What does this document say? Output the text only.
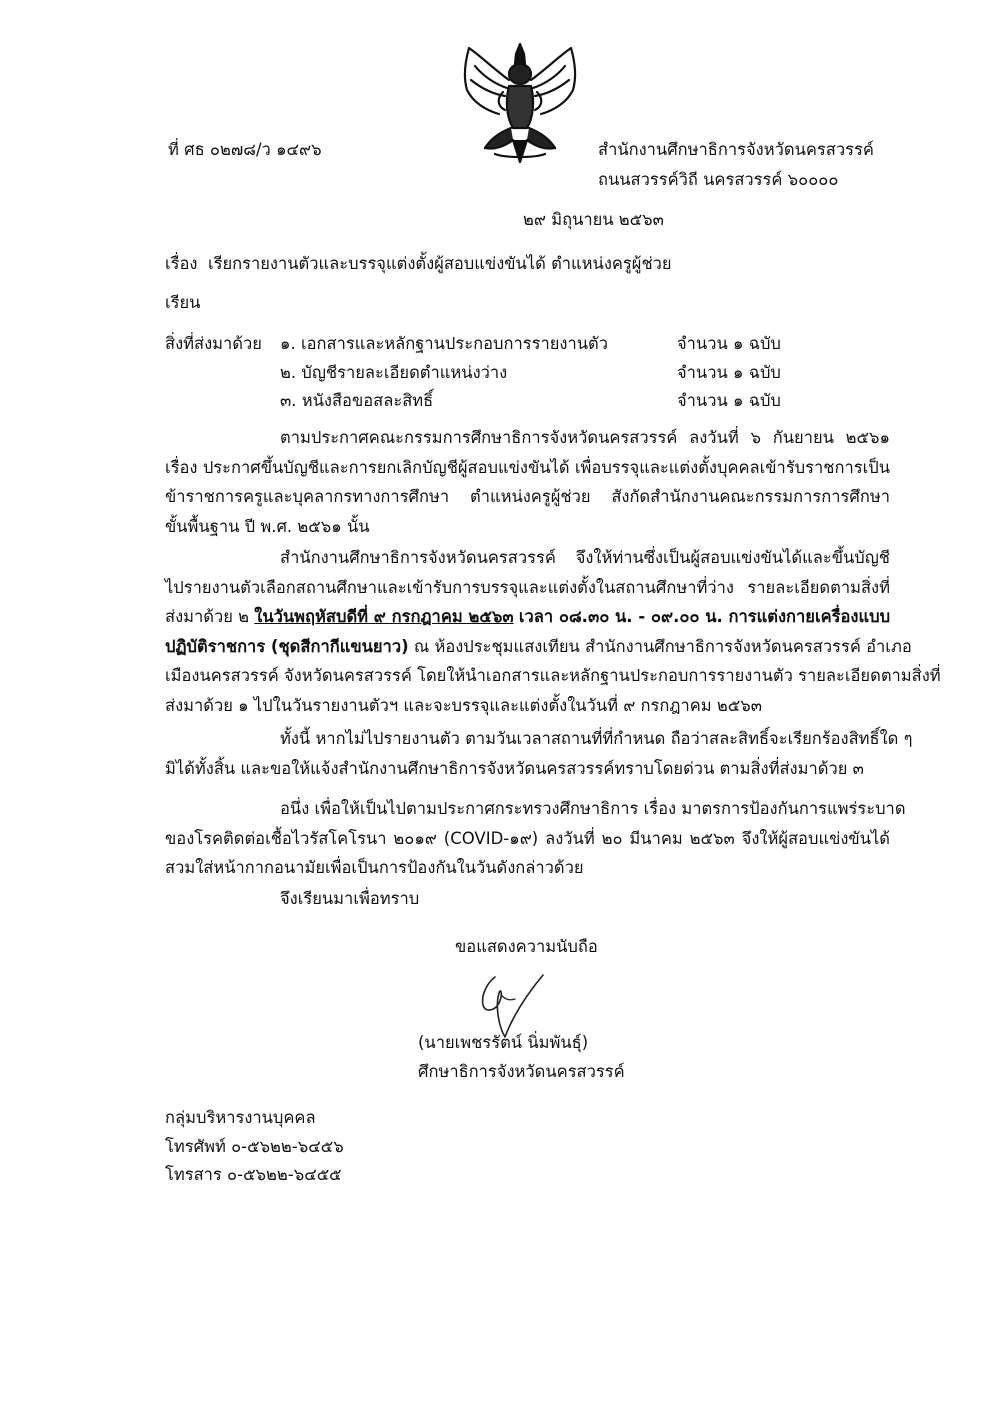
ที่ ศธ ๐๒๗๘/ว ๑๔๙๖	สำนักงานศึกษาธิการจังหวัดนครสวรรค์
ถนนสวรรค์วิถี นครสวรรค์ ๖๐๐๐๐
๒๙ มิถุนายน ๒๕๖๓
เรื่อง เรียกรายงานตัวและบรรจุแต่งตั้งผู้สอบแข่งขันได้ ตำแหน่งครูผู้ช่วย
เรียน
สิ่งที่ส่งมาด้วย ๑. เอกสารและหลักฐานประกอบการรายงานตัว	จำนวน ๑ ฉบับ
๒. บัญชีรายละเอียดตำแหน่งว่าง	จำนวน ๑ ฉบับ
๓. หนังสือขอสละสิทธิ์	จำนวน ๑ ฉบับ
ตามประกาศคณะกรรมการศึกษาธิการจังหวัดนครสวรรค์ ลงวันที่ ๖ กันยายน ๒๕๖๑
เรื่อง ประกาศขึ้นบัญชีและการยกเลิกบัญชีผู้สอบแข่งขันได้ เพื่อบรรจุและแต่งตั้งบุคคลเข้ารับราชการเป็น
ข้าราชการครูและบุคลากรทางการศึกษา ตำแหน่งครูผู้ช่วย สังกัดสำนักงานคณะกรรมการการศึกษา
ขั้นพื้นฐาน ปี พ.ศ. ๒๕๖๑ นั้น
สำนักงานศึกษาธิการจังหวัดนครสวรรค์ จึงให้ท่านซึ่งเป็นผู้สอบแข่งขันได้และขึ้นบัญชี
ไปรายงานตัวเลือกสถานศึกษาและเข้ารับการบรรจุและแต่งตั้งในสถานศึกษาที่ว่าง รายละเอียดตามสิ่งที่
ส่งมาด้วย ๒ ในวันพฤหัสบดีที่ ๙ กรกฎาคม ๒๕๖๓ เวลา ๐๘.๓๐ น. - ๐๙.๐๐ น. การแต่งกายเครื่องแบบ
ปฏิบัติราชการ (ชุดสีกากีแขนยาว) ณ ห้องประชุมแสงเทียน สำนักงานศึกษาธิการจังหวัดนครสวรรค์ อำเภอ
เมืองนครสวรรค์ จังหวัดนครสวรรค์ โดยให้นำเอกสารและหลักฐานประกอบการรายงานตัว รายละเอียดตามสิ่งที่
ส่งมาด้วย ๑ ไปในวันรายงานตัวฯ และจะบรรจุและแต่งตั้งในวันที่ ๙ กรกฎาคม ๒๕๖๓
ทั้งนี้ หากไม่ไปรายงานตัว ตามวันเวลาสถานที่ที่กำหนด ถือว่าสละสิทธิ์จะเรียกร้องสิทธิ์ใด ๆ
มิได้ทั้งสิ้น และขอให้แจ้งสำนักงานศึกษาธิการจังหวัดนครสวรรค์ทราบโดยด่วน ตามสิ่งที่ส่งมาด้วย ๓
อนึ่ง เพื่อให้เป็นไปตามประกาศกระทรวงศึกษาธิการ เรื่อง มาตรการป้องกันการแพร่ระบาด
ของโรคติดต่อเชื้อไวรัสโคโรนา ๒๐๑๙ (COVID-๑๙) ลงวันที่ ๒๐ มีนาคม ๒๕๖๓ จึงให้ผู้สอบแข่งขันได้
สวมใส่หน้ากากอนามัยเพื่อเป็นการป้องกันในวันดังกล่าวด้วย
จึงเรียนมาเพื่อทราบ
ขอแสดงความนับถือ
(นายเพชรรัตน์ นิ่มพันธุ์)
ศึกษาธิการจังหวัดนครสวรรค์
กลุ่มบริหารงานบุคคล
โทรศัพท์ ๐-๕๖๒๒-๖๔๕๖
โทรสาร ๐-๕๖๒๒-๖๔๕๕
